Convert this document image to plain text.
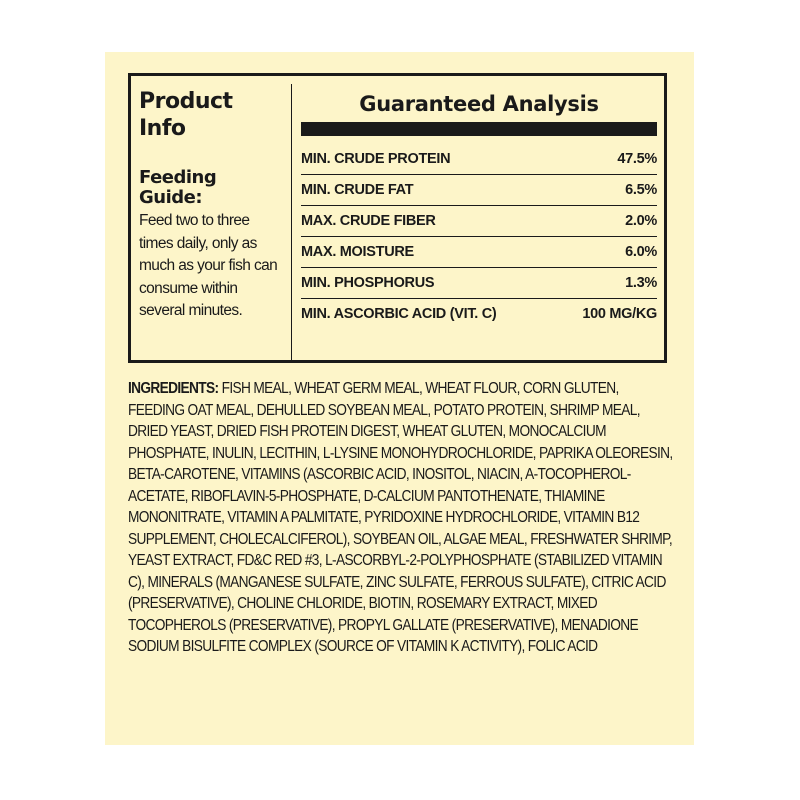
Product
Info
Feeding
Guide:
Feed two to three times daily, only as much as your fish can consume within several minutes.
Guaranteed Analysis
MIN. CRUDE PROTEIN	47.5%
MIN. CRUDE FAT	6.5%
MAX. CRUDE FIBER	2.0%
MAX. MOISTURE	6.0%
MIN. PHOSPHORUS	1.3%
MIN. ASCORBIC ACID (VIT. C)	100 MG/KG
INGREDIENTS: FISH MEAL, WHEAT GERM MEAL, WHEAT FLOUR, CORN GLUTEN, FEEDING OAT MEAL, DEHULLED SOYBEAN MEAL, POTATO PROTEIN, SHRIMP MEAL, DRIED YEAST, DRIED FISH PROTEIN DIGEST, WHEAT GLUTEN, MONOCALCIUM PHOSPHATE, INULIN, LECITHIN, L-LYSINE MONOHYDROCHLORIDE, PAPRIKA OLEORESIN, BETA-CAROTENE, VITAMINS (ASCORBIC ACID, INOSITOL, NIACIN, A-TOCOPHEROL-ACETATE, RIBOFLAVIN-5-PHOSPHATE, D-CALCIUM PANTOTHENATE, THIAMINE MONONITRATE, VITAMIN A PALMITATE, PYRIDOXINE HYDROCHLORIDE, VITAMIN B12 SUPPLEMENT, CHOLECALCIFEROL), SOYBEAN OIL, ALGAE MEAL, FRESHWATER SHRIMP, YEAST EXTRACT, FD&C RED #3, L-ASCORBYL-2-POLYPHOSPHATE (STABILIZED VITAMIN C), MINERALS (MANGANESE SULFATE, ZINC SULFATE, FERROUS SULFATE), CITRIC ACID (PRESERVATIVE), CHOLINE CHLORIDE, BIOTIN, ROSEMARY EXTRACT, MIXED TOCOPHEROLS (PRESERVATIVE), PROPYL GALLATE (PRESERVATIVE), MENADIONE SODIUM BISULFITE COMPLEX (SOURCE OF VITAMIN K ACTIVITY), FOLIC ACID
